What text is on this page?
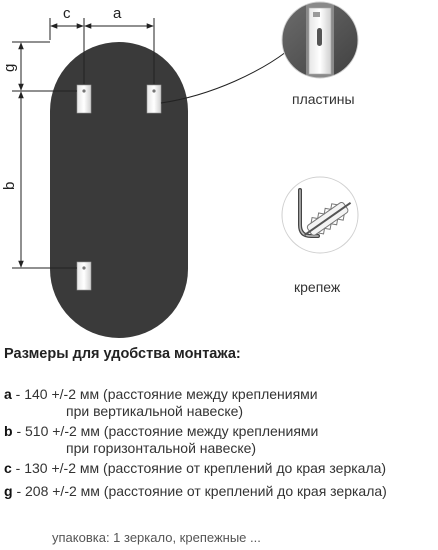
c	a
g
b
пластины
крепеж
Размеры для удобства монтажа:
a - 140 +/-2 мм (расстояние между креплениями
при вертикальной навеске)
b - 510 +/-2 мм (расстояние между креплениями
при горизонтальной навеске)
c - 130 +/-2 мм (расстояние от креплений до края зеркала)
g - 208 +/-2 мм (расстояние от креплений до края зеркала)
упаковка: 1 зеркало, крепежные ...
